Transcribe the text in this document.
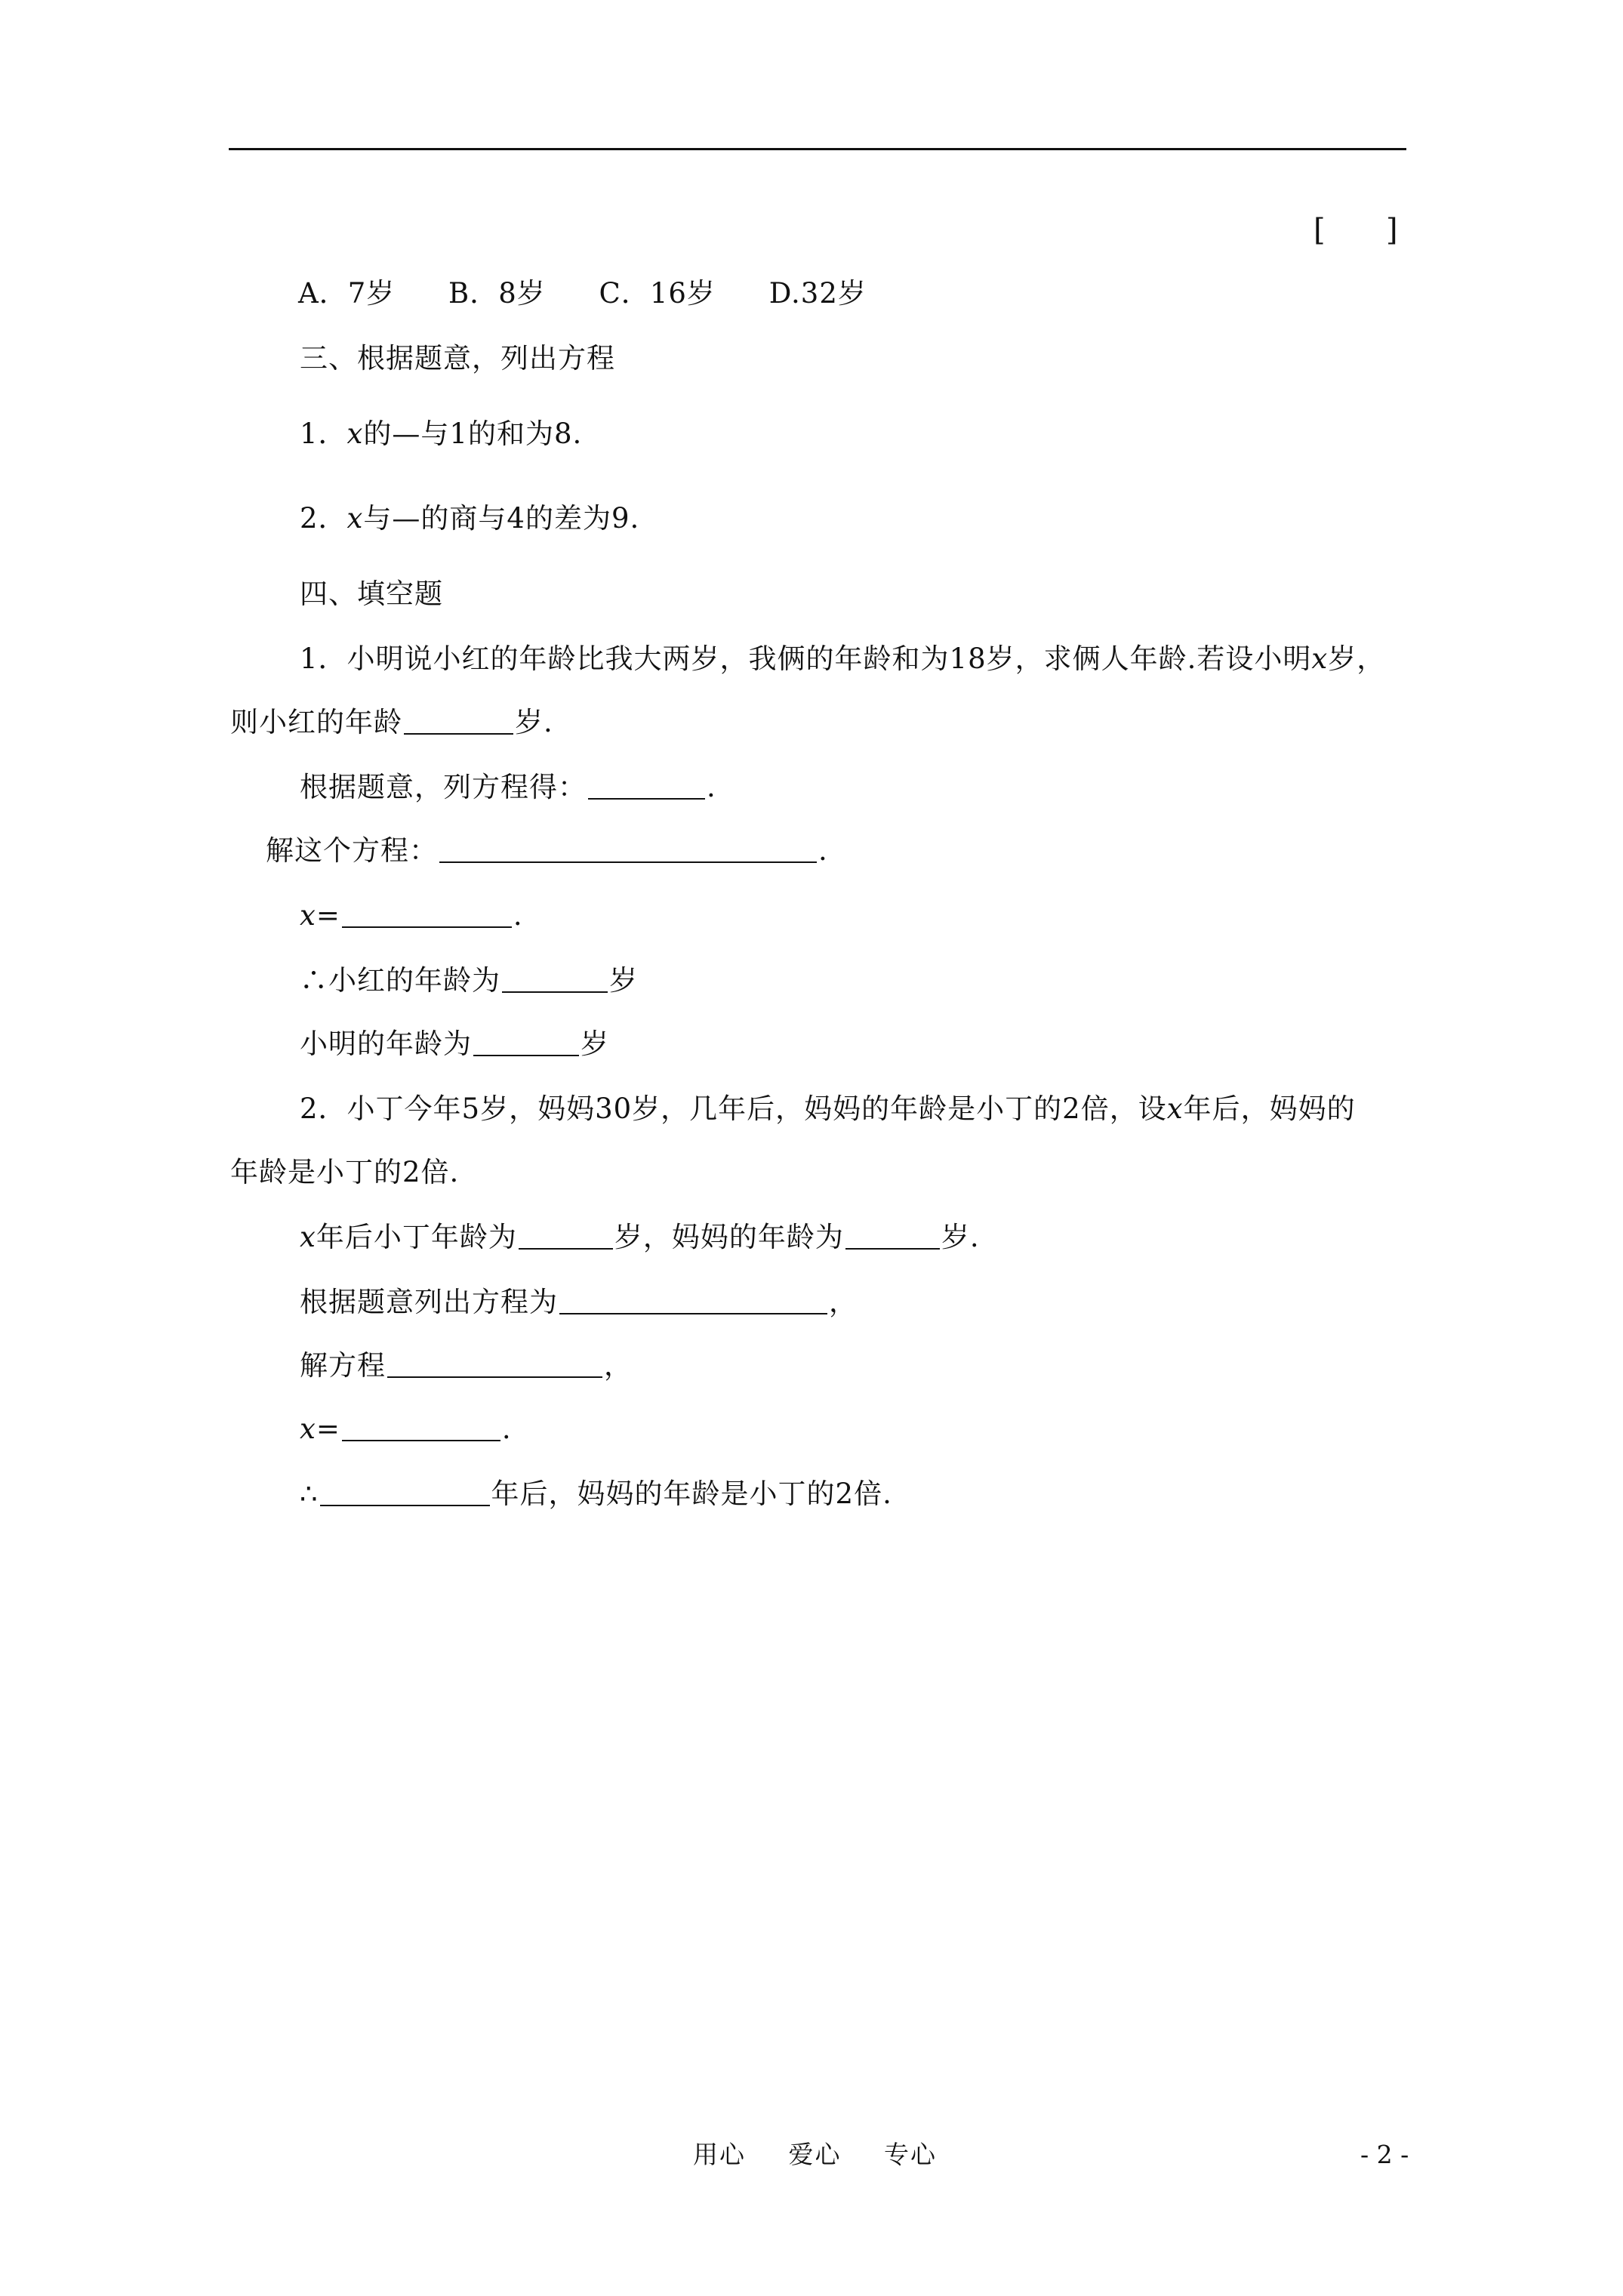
[ ]
A．7岁 B．8岁 C．16岁 D.32岁
三、根据题意，列出方程
1．x的—与1的和为8.
2．x与—的商与4的差为9.
四、填空题
1．小明说小红的年龄比我大两岁，我俩的年龄和为18岁，求俩人年龄.若设小明x岁，
则小红的年龄	岁.
根据题意，列方程得：	.
解这个方程：	.
x=	.
∴小红的年龄为	岁
小明的年龄为	岁
2．小丁今年5岁，妈妈30岁，几年后，妈妈的年龄是小丁的2倍，设x年后，妈妈的
年龄是小丁的2倍.
x年后小丁年龄为	岁，妈妈的年龄为	岁.
根据题意列出方程为	，
解方程	，
x=	.
∴	年后，妈妈的年龄是小丁的2倍.
用心 爱心 专心	- 2 -
